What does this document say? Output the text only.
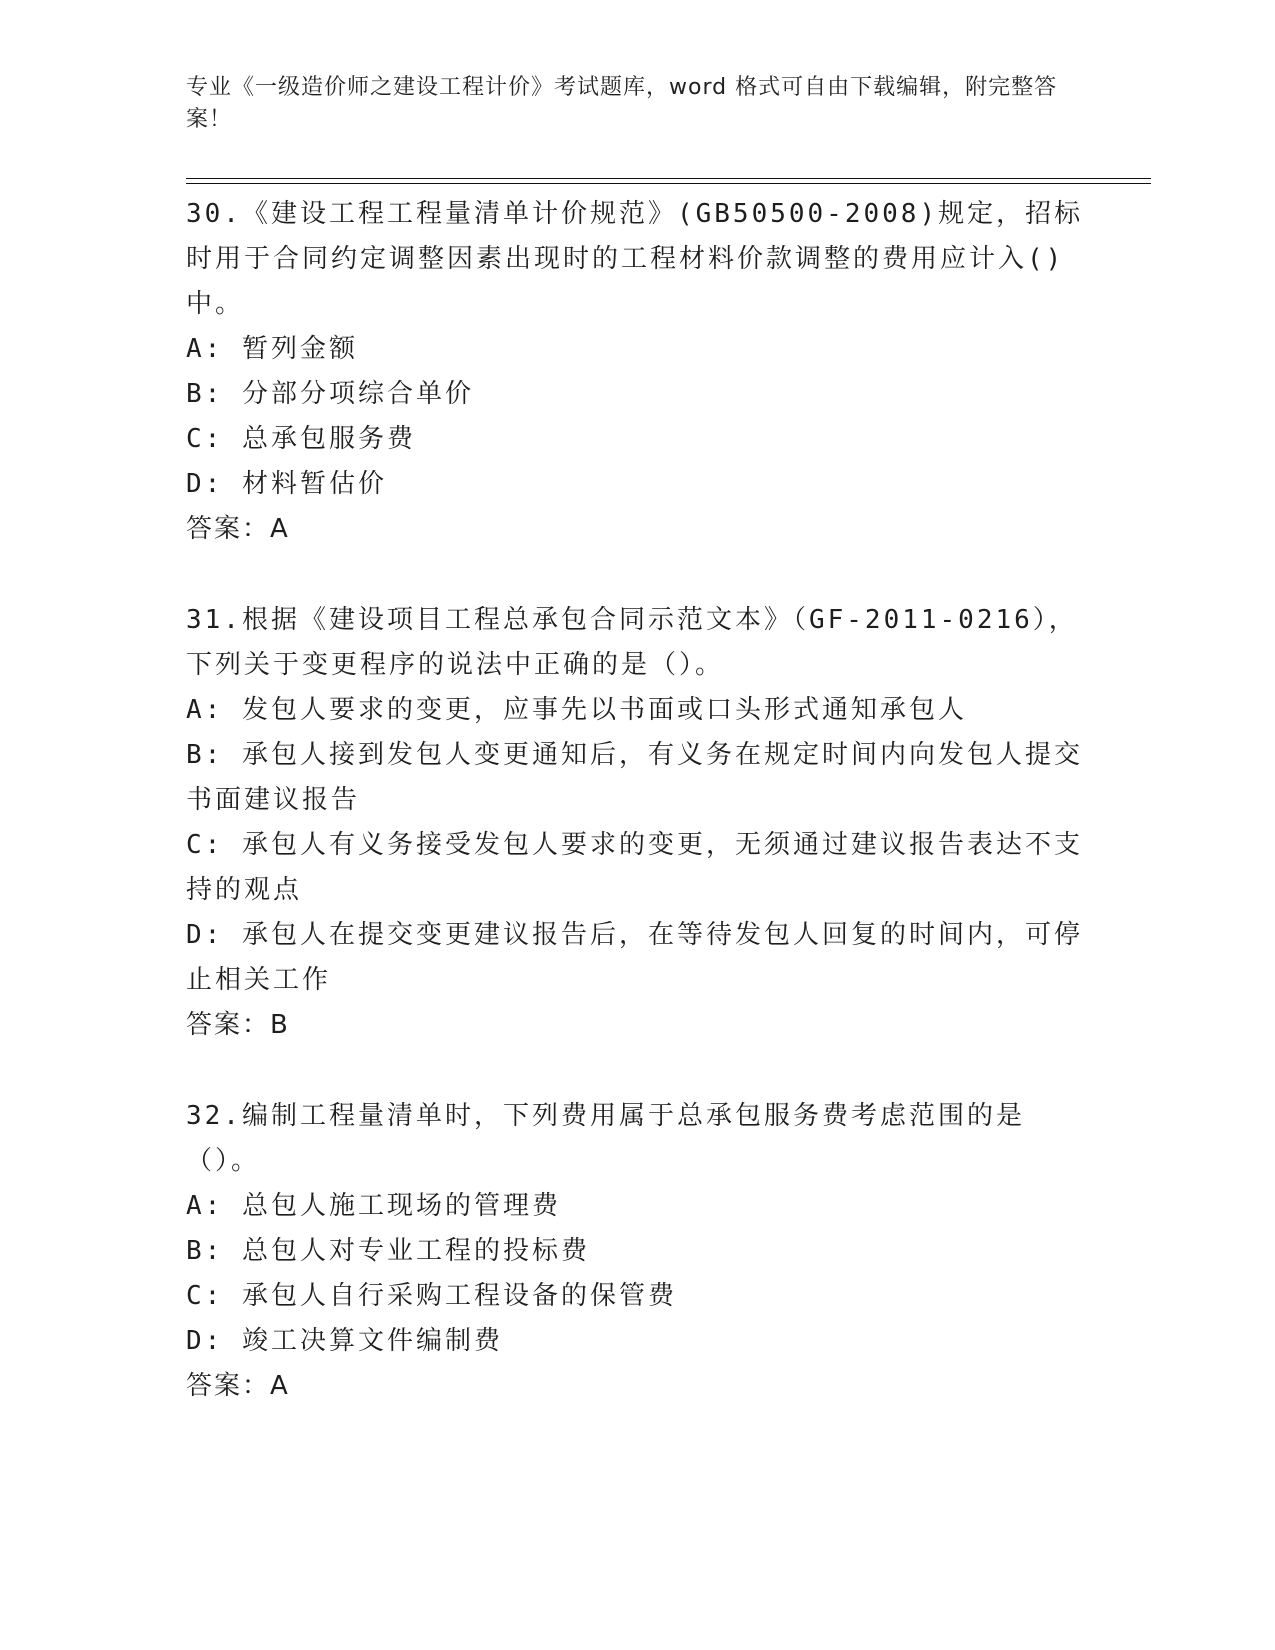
专业《一级造价师之建设工程计价》考试题库，word 格式可自由下载编辑，附完整答案！

30.《建设工程工程量清单计价规范》(GB50500-2008)规定，招标时用于合同约定调整因素出现时的工程材料价款调整的费用应计入()中。

A: 暂列金额

B: 分部分项综合单价

C: 总承包服务费

D: 材料暂估价

答案：A

31.根据《建设项目工程总承包合同示范文本》（GF-2011-0216），下列关于变更程序的说法中正确的是（）。

A: 发包人要求的变更，应事先以书面或口头形式通知承包人

B: 承包人接到发包人变更通知后，有义务在规定时间内向发包人提交书面建议报告

C: 承包人有义务接受发包人要求的变更，无须通过建议报告表达不支持的观点

D: 承包人在提交变更建议报告后，在等待发包人回复的时间内，可停止相关工作

答案：B

32.编制工程量清单时，下列费用属于总承包服务费考虑范围的是（）。

A: 总包人施工现场的管理费

B: 总包人对专业工程的投标费

C: 承包人自行采购工程设备的保管费

D: 竣工决算文件编制费

答案：A
